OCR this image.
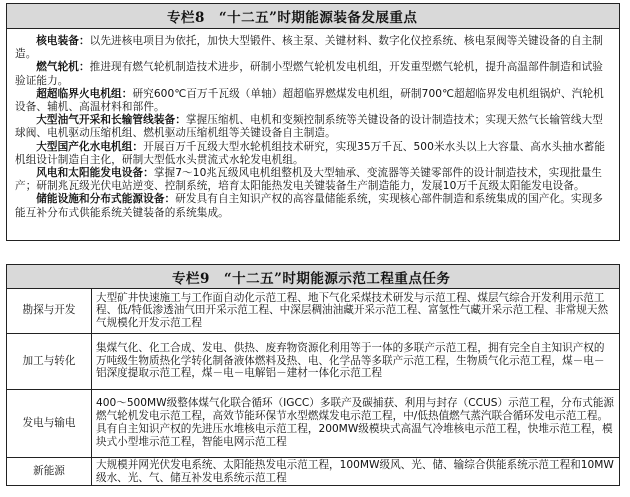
专栏8　“十二五”时期能源装备发展重点

核电装备：以先进核电项目为依托，加快大型锻件、核主泵、关键材料、数字化仪控系统、核电泵阀等关键设备的自主制造。

燃气轮机：推进现有燃气轮机制造技术进步，研制小型燃气轮机发电机组，开发重型燃气轮机，提升高温部件制造和试验验证能力。

超超临界火电机组：研究600℃百万千瓦级（单轴）超超临界燃煤发电机组，研制700℃超超临界发电机组锅炉、汽轮机设备、辅机、高温材料和部件。

大型油气开采和长输管线装备：掌握压缩机、电机和变频控制系统等关键设备的设计制造技术；实现天然气长输管线大型球阀、电机驱动压缩机组、燃机驱动压缩机组等关键设备自主制造。

大型国产化水电机组：开展百万千瓦级大型水轮机组技术研究，实现35万千瓦、500米水头以上大容量、高水头抽水蓄能机组设计制造自主化，研制大型低水头贯流式水轮发电机组。

风电和太阳能发电设备：掌握7～10兆瓦级风电机组整机及大型轴承、变流器等关键零部件的设计制造技术，实现批量生产；研制兆瓦级光伏电站逆变、控制系统，培育太阳能热发电关键装备生产制造能力，发展10万千瓦级太阳能发电设备。

储能设施和分布式能源设备：研发具有自主知识产权的高容量储能系统，实现核心部件制造和系统集成的国产化。实现多能互补分布式供能系统关键装备的系统集成。

专栏9　“十二五”时期能源示范工程重点任务
勘探与开发	大型矿井快速施工与工作面自动化示范工程、地下气化采煤技术研发与示范工程、煤层气综合开发利用示范工程、低/特低渗透油气田开采示范工程、中深层稠油油藏开采示范工程、富氢性气藏开采示范工程、非常规天然气规模化开发示范工程
加工与转化	集煤气化、化工合成、发电、供热、废弃物资源化利用等于一体的多联产示范工程，拥有完全自主知识产权的万吨级生物质热化学转化制备液体燃料及热、电、化学品等多联产示范工程，生物质气化示范工程，煤－电－铝深度提取示范工程，煤－电－电解铝－建材一体化示范工程
发电与输电	400～500MW级整体煤气化联合循环（IGCC）多联产及碳捕获、利用与封存（CCUS）示范工程，分布式能源燃气轮机发电示范工程，高效节能环保节水型燃煤发电示范工程，中/低热值燃气蒸汽联合循环发电示范工程。具有自主知识产权的先进压水堆核电示范工程，200MW级模块式高温气冷堆核电示范工程，快堆示范工程，模块式小型堆示范工程，智能电网示范工程
新能源	大规模并网光伏发电系统、太阳能热发电示范工程，100MW级风、光、储、输综合供能系统示范工程和10MW级水、光、气、储互补发电系统示范工程
